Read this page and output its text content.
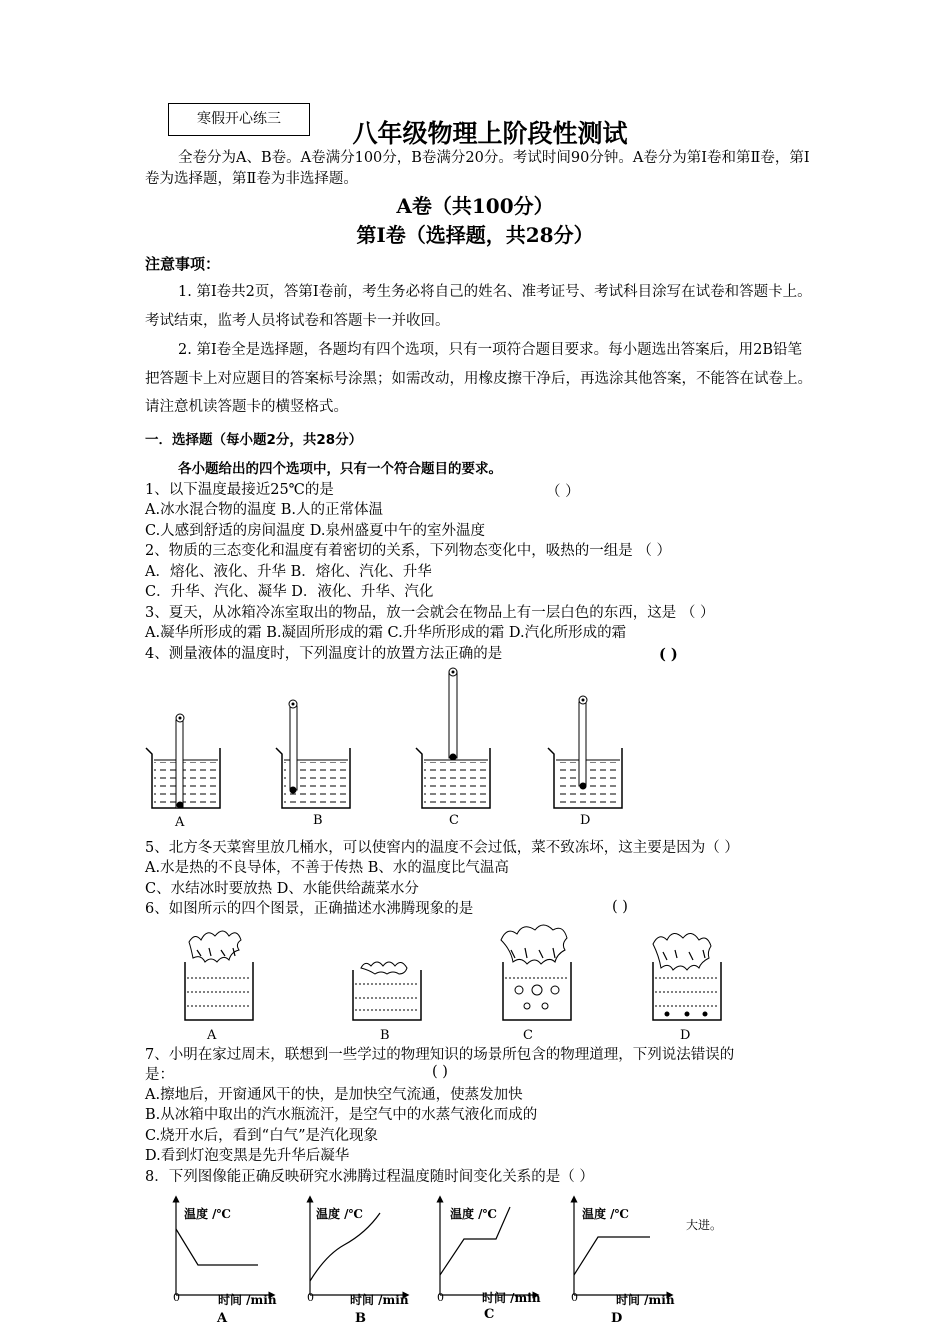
寒假开心练三	八年级物理上阶段性测试
全卷分为A、B卷。A卷满分100分，B卷满分20分。考试时间90分钟。A卷分为第Ⅰ卷和第Ⅱ卷，第Ⅰ卷为选择题，第Ⅱ卷为非选择题。
A卷（共100分）
第Ⅰ卷（选择题，共28分）
注意事项：
1. 第Ⅰ卷共2页，答第Ⅰ卷前，考生务必将自己的姓名、准考证号、考试科目涂写在试卷和答题卡上。考试结束，监考人员将试卷和答题卡一并收回。
2. 第Ⅰ卷全是选择题，各题均有四个选项，只有一项符合题目要求。每小题选出答案后，用2B铅笔把答题卡上对应题目的答案标号涂黑；如需改动，用橡皮擦干净后，再选涂其他答案，不能答在试卷上。请注意机读答题卡的横竖格式。
一．选择题（每小题2分，共28分）
各小题给出的四个选项中，只有一个符合题目的要求。
1、以下温度最接近25℃的是	（ ）
A.冰水混合物的温度 B.人的正常体温
C.人感到舒适的房间温度 D.泉州盛夏中午的室外温度
2、物质的三态变化和温度有着密切的关系，下列物态变化中，吸热的一组是 （ ）
A．熔化、液化、升华 B．熔化、汽化、升华
C．升华、汽化、凝华 D．液化、升华、汽化
3、夏天，从冰箱冷冻室取出的物品，放一会就会在物品上有一层白色的东西，这是 （ ）
A.凝华所形成的霜 B.凝固所形成的霜 C.升华所形成的霜 D.汽化所形成的霜
4、测量液体的温度时，下列温度计的放置方法正确的是	( )
A	B	C	D
5、北方冬天菜窖里放几桶水，可以使窖内的温度不会过低，菜不致冻坏，这主要是因为（ ）
A.水是热的不良导体，不善于传热 B、水的温度比气温高
C、水结冰时要放热 D、水能供给蔬菜水分
6、如图所示的四个图景，正确描述水沸腾现象的是	( )
A	B	C	D
7、小明在家过周末，联想到一些学过的物理知识的场景所包含的物理道理，下列说法错误的
是：	( )
A.擦地后，开窗通风干的快，是加快空气流通，使蒸发加快
B.从冰箱中取出的汽水瓶流汗，是空气中的水蒸气液化而成的
C.烧开水后，看到“白气”是汽化现象
D.看到灯泡变黑是先升华后凝华
8．下列图像能正确反映研究水沸腾过程温度随时间变化关系的是（ ）
温度 /℃	温度 /℃	温度 /℃	温度 /℃
大进。
0	时间 /min	0	时间 /min	0	时间 /min	0	时间 /min
A	B	C	D
